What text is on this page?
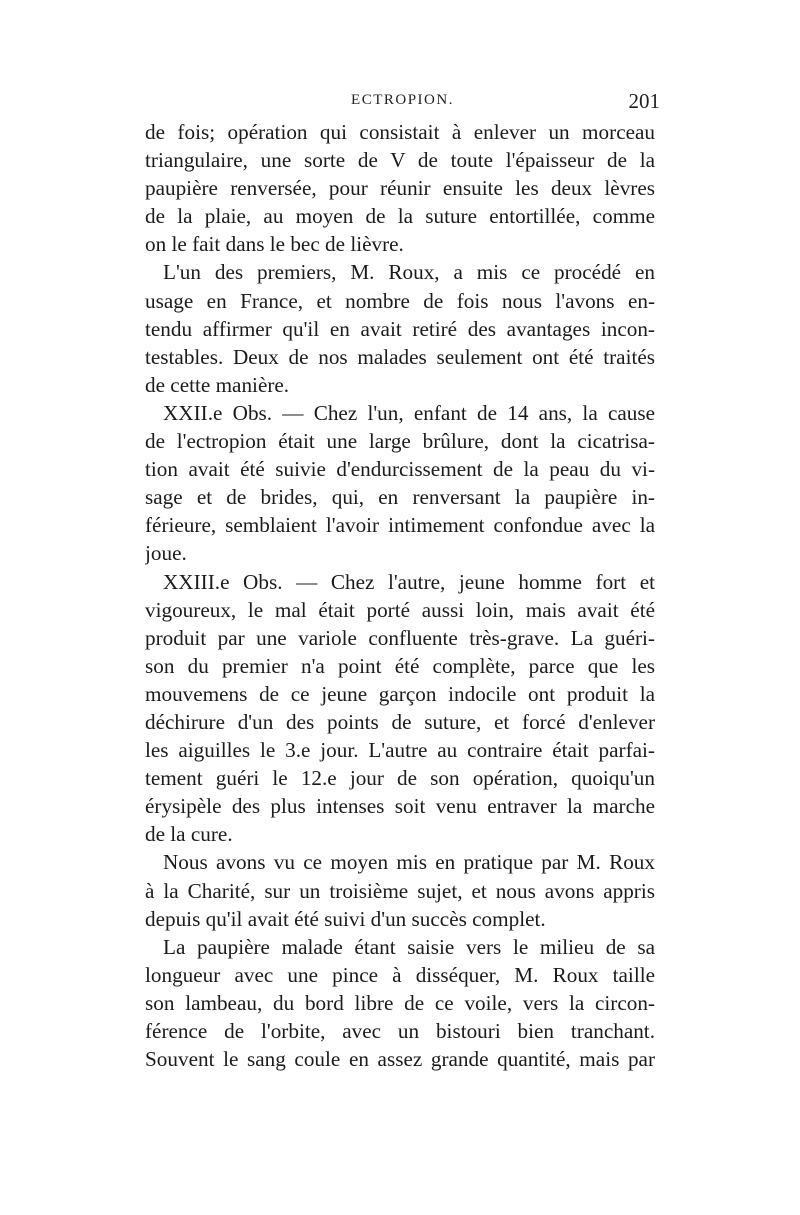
ECTROPION.	201
de fois; opération qui consistait à enlever un morceau
triangulaire, une sorte de V de toute l'épaisseur de la
paupière renversée, pour réunir ensuite les deux lèvres
de la plaie, au moyen de la suture entortillée, comme
on le fait dans le bec de lièvre.
L'un des premiers, M. Roux, a mis ce procédé en
usage en France, et nombre de fois nous l'avons en-
tendu affirmer qu'il en avait retiré des avantages incon-
testables. Deux de nos malades seulement ont été traités
de cette manière.
XXII.e Obs. — Chez l'un, enfant de 14 ans, la cause
de l'ectropion était une large brûlure, dont la cicatrisa-
tion avait été suivie d'endurcissement de la peau du vi-
sage et de brides, qui, en renversant la paupière in-
férieure, semblaient l'avoir intimement confondue avec la
joue.
XXIII.e Obs. — Chez l'autre, jeune homme fort et
vigoureux, le mal était porté aussi loin, mais avait été
produit par une variole confluente très-grave. La guéri-
son du premier n'a point été complète, parce que les
mouvemens de ce jeune garçon indocile ont produit la
déchirure d'un des points de suture, et forcé d'enlever
les aiguilles le 3.e jour. L'autre au contraire était parfai-
tement guéri le 12.e jour de son opération, quoiqu'un
érysipèle des plus intenses soit venu entraver la marche
de la cure.
Nous avons vu ce moyen mis en pratique par M. Roux
à la Charité, sur un troisième sujet, et nous avons appris
depuis qu'il avait été suivi d'un succès complet.
La paupière malade étant saisie vers le milieu de sa
longueur avec une pince à disséquer, M. Roux taille
son lambeau, du bord libre de ce voile, vers la circon-
férence de l'orbite, avec un bistouri bien tranchant.
Souvent le sang coule en assez grande quantité, mais par
